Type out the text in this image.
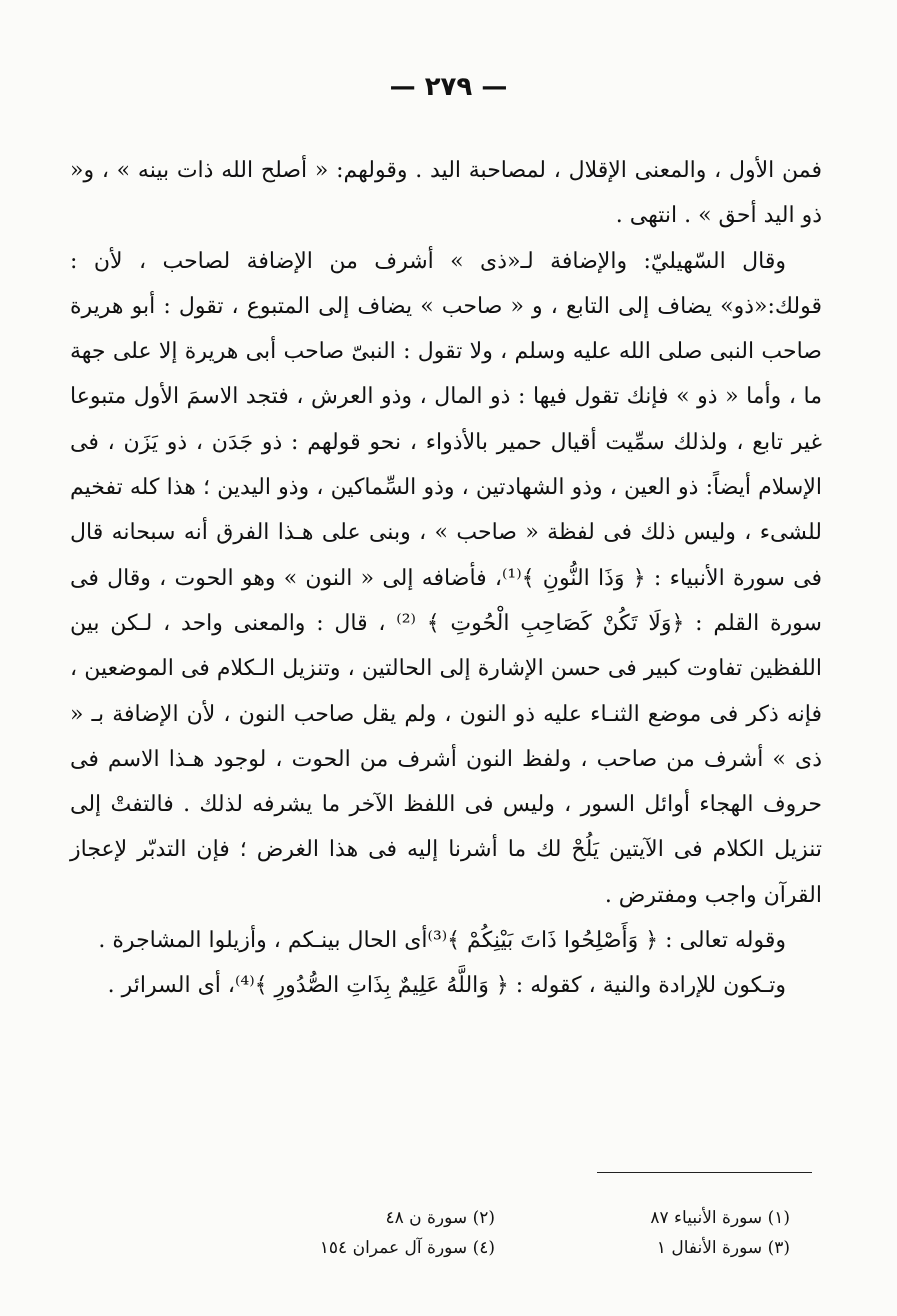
— ٢٧٩ —

فمن الأول ، والمعنى الإقلال ، لمصاحبة اليد . وقولهم: « أصلح الله ذات بينه » ، و« ذو اليد أحق » . انتهى .

وقال السّهيليّ: والإضافة لـ«ذى » أشرف من الإضافة لصاحب ، لأن : قولك:«ذو» يضاف إلى التابع ، و « صاحب » يضاف إلى المتبوع ، تقول : أبو هريرة صاحب النبى صلى الله عليه وسلم ، ولا تقول : النبىّ صاحب أبى هريرة إلا على جهة ما ، وأما « ذو » فإنك تقول فيها : ذو المال ، وذو العرش ، فتجد الاسمَ الأول متبوعا غير تابع ، ولذلك سمِّيت أقيال حمير بالأذواء ، نحو قولهم : ذو جَدَن ، ذو يَزَن ، فى الإسلام أيضاً: ذو العين ، وذو الشهادتين ، وذو السِّماكين ، وذو اليدين ؛ هذا كله تفخيم للشىء ، وليس ذلك فى لفظة « صاحب » ، وبنى على هـذا الفرق أنه سبحانه قال فى سورة الأنبياء : ﴿ وَذَا النُّونِ ﴾⁽¹⁾، فأضافه إلى « النون » وهو الحوت ، وقال فى سورة القلم : ﴿وَلَا تَكُنْ كَصَاحِبِ الْحُوتِ ﴾ ⁽²⁾ ، قال : والمعنى واحد ، لـكن بين اللفظين تفاوت كبير فى حسن الإشارة إلى الحالتين ، وتنزيل الـكلام فى الموضعين ، فإنه ذكر فى موضع الثنـاء عليه ذو النون ، ولم يقل صاحب النون ، لأن الإضافة بـ « ذى » أشرف من صاحب ، ولفظ النون أشرف من الحوت ، لوجود هـذا الاسم فى حروف الهجاء أوائل السور ، وليس فى اللفظ الآخر ما يشرفه لذلك . فالتفتْ إلى تنزيل الكلام فى الآيتين يَلُحْ لك ما أشرنا إليه فى هذا الغرض ؛ فإن التدبّر لإعجاز القرآن واجب ومفترض .

وقوله تعالى : ﴿ وَأَصْلِحُوا ذَاتَ بَيْنِكُمْ ﴾⁽³⁾أى الحال بينـكم ، وأزيلوا المشاجرة .

وتـكون للإرادة والنية ، كقوله : ﴿ وَاللَّهُ عَلِيمٌ بِذَاتِ الصُّدُورِ ﴾⁽⁴⁾، أى السرائر .

(١) سورة الأنبياء ٨٧
(٣) سورة الأنفال ١
(٢) سورة ن ٤٨
(٤) سورة آل عمران ١٥٤
